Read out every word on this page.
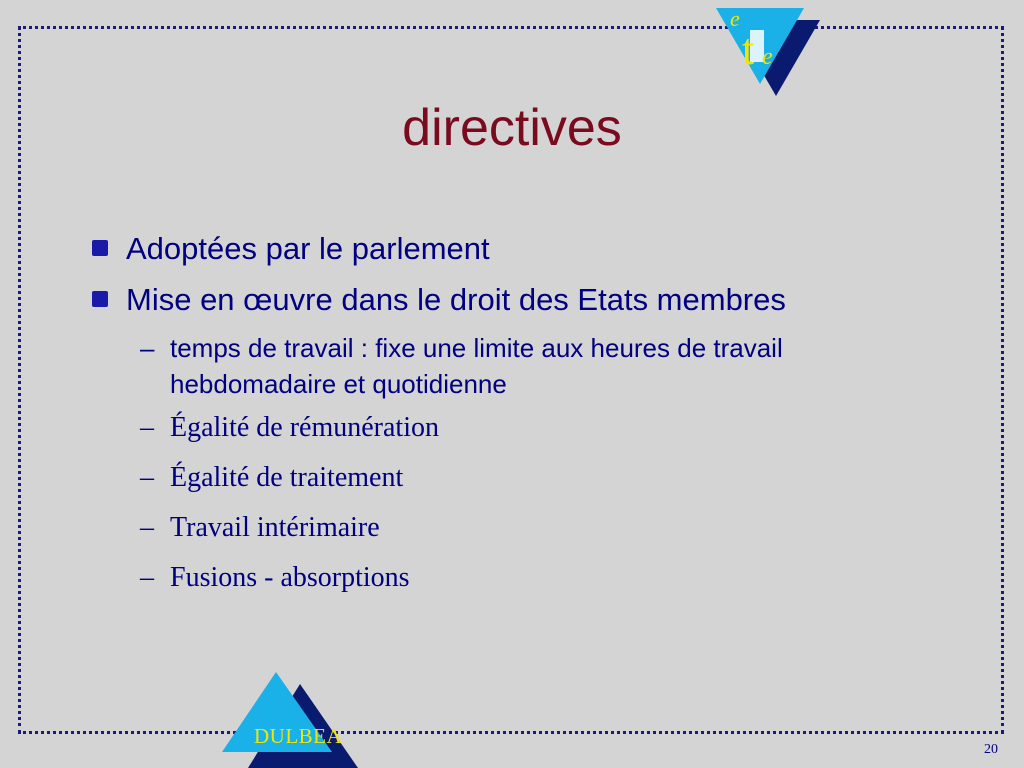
e
t e
directives
Adoptées par le parlement
Mise en œuvre dans le droit des Etats membres
– temps de travail : fixe une limite aux heures de travail hebdomadaire et quotidienne
– Égalité de rémunération
– Égalité de traitement
– Travail intérimaire
– Fusions - absorptions
DULBEA
20
